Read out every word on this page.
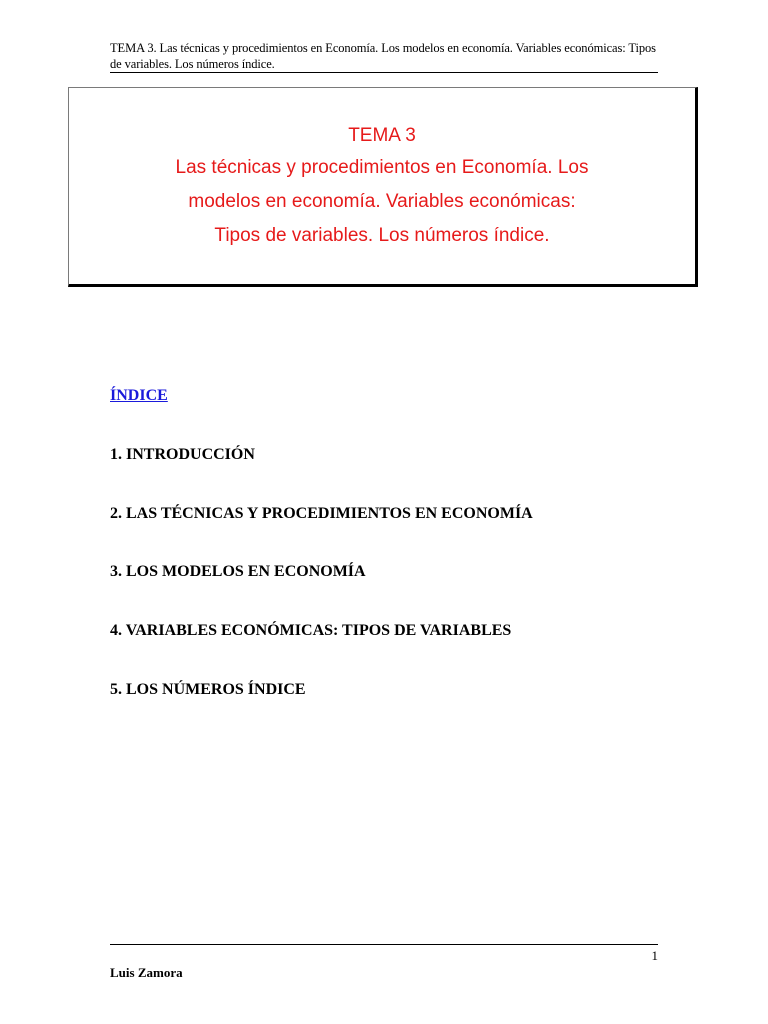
TEMA 3. Las técnicas y procedimientos en Economía. Los modelos en economía. Variables económicas: Tipos de variables. Los números índice.
TEMA 3
Las técnicas y procedimientos en Economía. Los
modelos en economía. Variables económicas:
Tipos de variables. Los números índice.
ÍNDICE
1. INTRODUCCIÓN
2. LAS TÉCNICAS Y PROCEDIMIENTOS EN ECONOMÍA
3. LOS MODELOS EN ECONOMÍA
4. VARIABLES ECONÓMICAS: TIPOS DE VARIABLES
5. LOS NÚMEROS ÍNDICE
1
Luis Zamora
